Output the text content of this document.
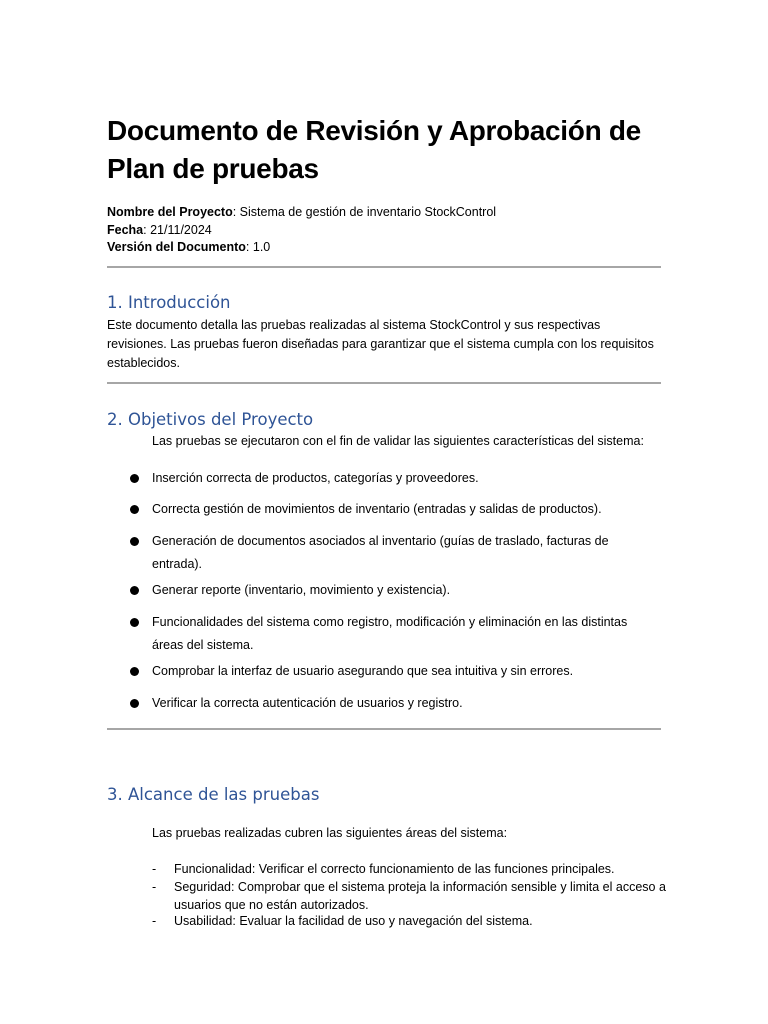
Documento de Revisión y Aprobación de Plan de pruebas
Nombre del Proyecto: Sistema de gestión de inventario StockControl
Fecha: 21/11/2024
Versión del Documento: 1.0
1. Introducción
Este documento detalla las pruebas realizadas al sistema StockControl y sus respectivas revisiones. Las pruebas fueron diseñadas para garantizar que el sistema cumpla con los requisitos establecidos.
2. Objetivos del Proyecto
Las pruebas se ejecutaron con el fin de validar las siguientes características del sistema:
Inserción correcta de productos, categorías y proveedores.
Correcta gestión de movimientos de inventario (entradas y salidas de productos).
Generación de documentos asociados al inventario (guías de traslado, facturas de entrada).
Generar reporte (inventario, movimiento y existencia).
Funcionalidades del sistema como registro, modificación y eliminación en las distintas áreas del sistema.
Comprobar la interfaz de usuario asegurando que sea intuitiva y sin errores.
Verificar la correcta autenticación de usuarios y registro.
3. Alcance de las pruebas
Las pruebas realizadas cubren las siguientes áreas del sistema:
- Funcionalidad: Verificar el correcto funcionamiento de las funciones principales.
- Seguridad: Comprobar que el sistema proteja la información sensible y limita el acceso a usuarios que no están autorizados.
- Usabilidad: Evaluar la facilidad de uso y navegación del sistema.
